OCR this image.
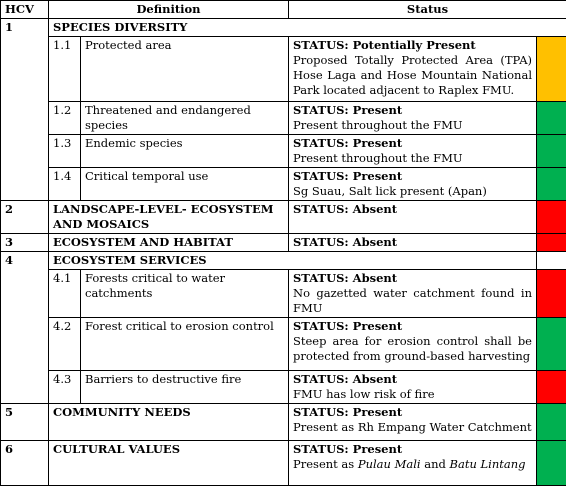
HCV	Definition		Status	
1	SPECIES DIVERSITY			
	1.1	Protected area	STATUS: Potentially Present
Proposed Totally Protected Area (TPA) Hose Laga and Hose Mountain National Park located adjacent to Raplex FMU.	

	1.2	Threatened and endangered species	STATUS: Present
Present throughout the FMU	

	1.3	Endemic species	STATUS: Present
Present throughout the FMU	

	1.4	Critical temporal use	STATUS: Present
Sg Suau, Salt lick present (Apan)	

2	LANDSCAPE-LEVEL- ECOSYSTEM AND MOSAICS		STATUS: Absent	

3	ECOSYSTEM AND HABITAT		STATUS: Absent	

4	ECOSYSTEM SERVICES			
	4.1	Forests critical to water catchments	STATUS: Absent
No gazetted water catchment found in FMU	

	4.2	Forest critical to erosion control	STATUS: Present
Steep area for erosion control shall be protected from ground-based harvesting	

	4.3	Barriers to destructive fire	STATUS: Absent
FMU has low risk of fire	

5	COMMUNITY NEEDS		STATUS: Present
Present as Rh Empang Water Catchment	

6	CULTURAL VALUES		STATUS: Present
Present as Pulau Mali and Batu Lintang	
